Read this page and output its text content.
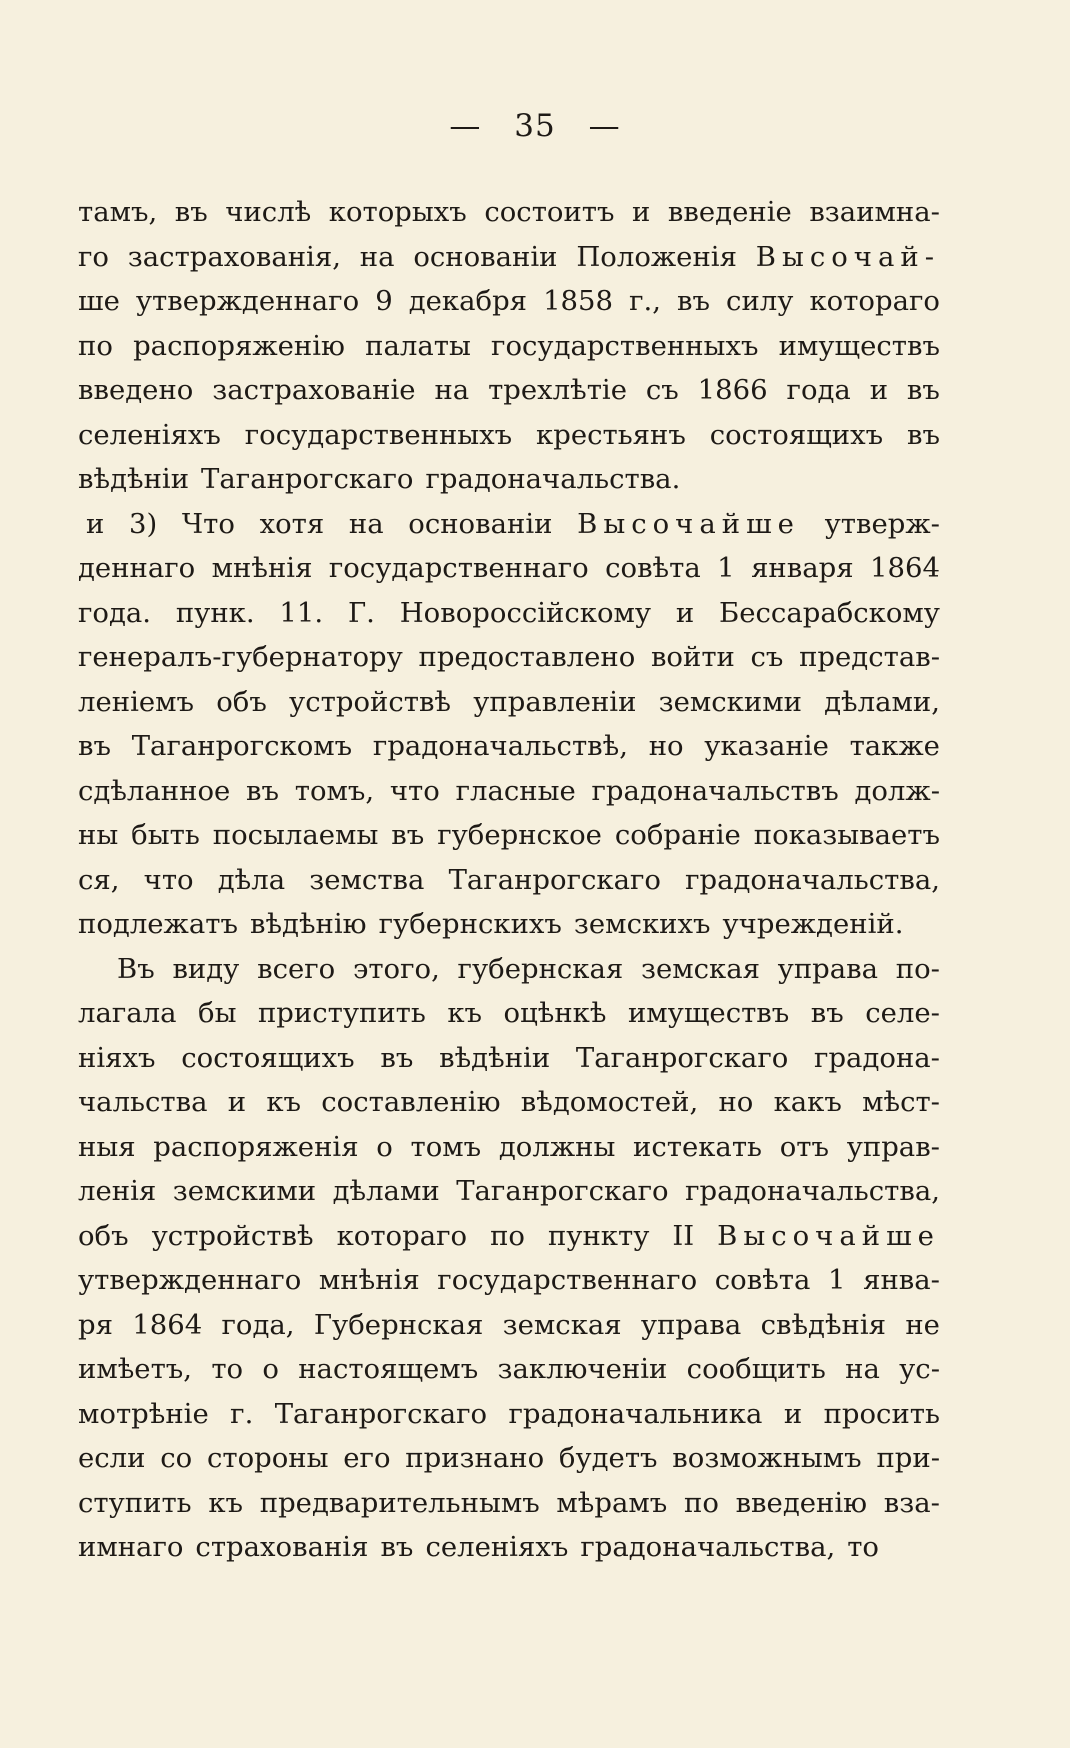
— 35 —
тамъ, въ числѣ которыхъ состоитъ и введеніе взаимна-
го застрахованія, на основаніи Положенія Высочай-
ше утвержденнаго 9 декабря 1858 г., въ силу котораго
по распоряженію палаты государственныхъ имуществъ
введено застрахованіе на трехлѣтіе съ 1866 года и въ
селеніяхъ государственныхъ крестьянъ состоящихъ въ
вѣдѣніи Таганрогскаго градоначальства.
и 3) Что хотя на основаніи Высочайше утверж-
деннаго мнѣнія государственнаго совѣта 1 января 1864
года. пунк. 11. Г. Новороссійскому и Бессарабскому
генералъ-губернатору предоставлено войти съ представ-
леніемъ объ устройствѣ управленіи земскими дѣлами,
въ Таганрогскомъ градоначальствѣ, но указаніе также
сдѣланное въ томъ, что гласные градоначальствъ долж-
ны быть посылаемы въ губернское собраніе показываетъ
ся, что дѣла земства Таганрогскаго градоначальства,
подлежатъ вѣдѣнію губернскихъ земскихъ учрежденій.
Въ виду всего этого, губернская земская управа по-
лагала бы приступить къ оцѣнкѣ имуществъ въ селе-
ніяхъ состоящихъ въ вѣдѣніи Таганрогскаго градона-
чальства и къ составленію вѣдомостей, но какъ мѣст-
ныя распоряженія о томъ должны истекать отъ управ-
ленія земскими дѣлами Таганрогскаго градоначальства,
объ устройствѣ котораго по пункту II Высочайше
утвержденнаго мнѣнія государственнаго совѣта 1 янва-
ря 1864 года, Губернская земская управа свѣдѣнія не
имѣетъ, то о настоящемъ заключеніи сообщить на ус-
мотрѣніе г. Таганрогскаго градоначальника и просить
если со стороны его признано будетъ возможнымъ при-
ступить къ предварительнымъ мѣрамъ по введенію вза-
имнаго страхованія въ селеніяхъ градоначальства, то
